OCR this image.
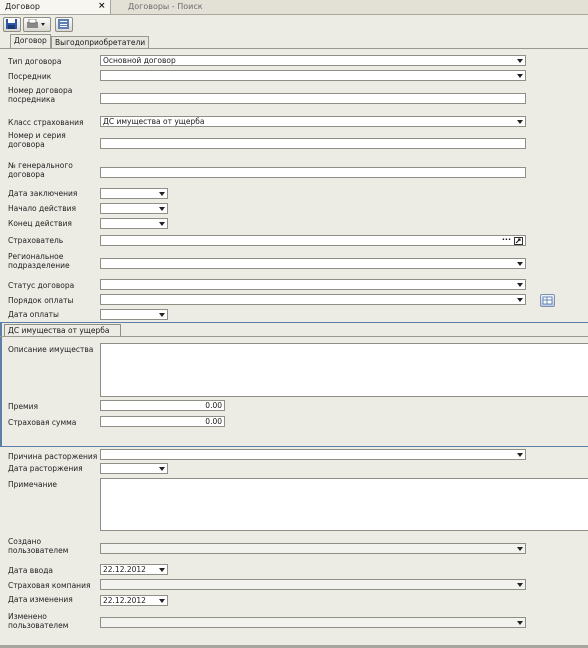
Договор	×	Договоры - Поиск
Договор	Выгодоприобретатели
Тип договора	Основной договор
Посредник
Номер договора посредника
Класс страхования	ДС имущества от ущерба
Номер и серия договора
№ генерального договора
Дата заключения
Начало действия
Конец действия
Страхователь	···
Региональное подразделение
Статус договора
Порядок оплаты
Дата оплаты
ДС имущества от ущерба
Описание имущества
Премия	0.00
Страховая сумма	0.00
Причина расторжения
Дата расторжения
Примечание
Создано пользователем
Дата ввода	22.12.2012
Страховая компания
Дата изменения	22.12.2012
Изменено пользователем
